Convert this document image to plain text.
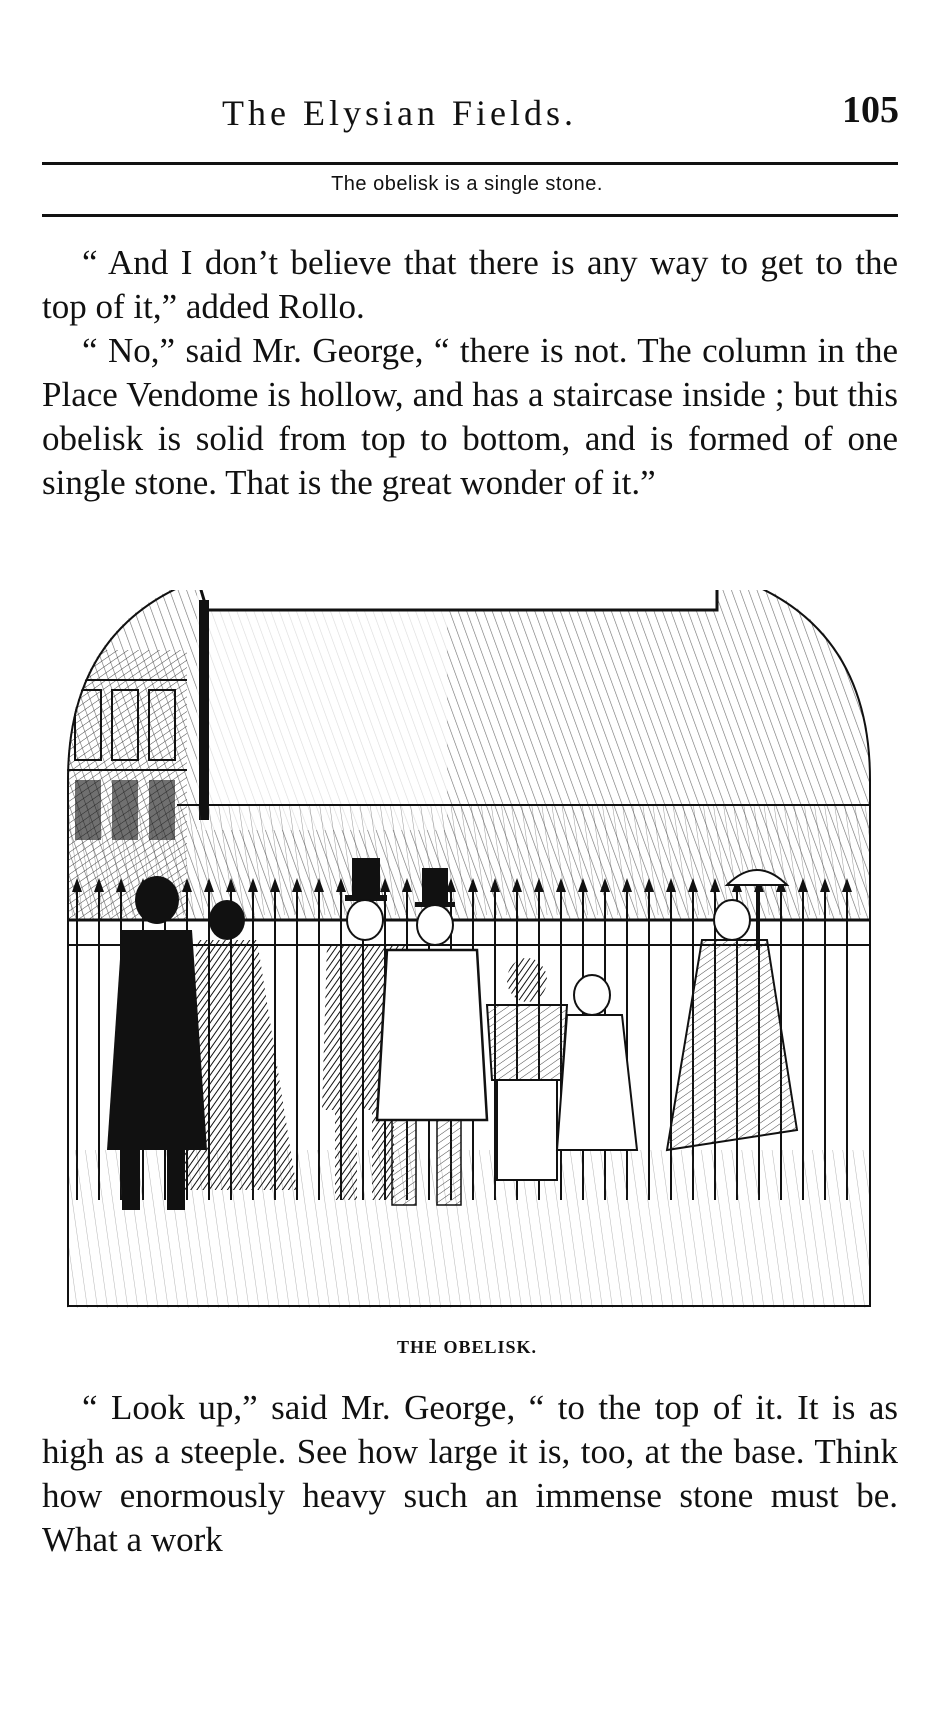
The Elysian Fields.	105
The obelisk is a single stone.

“ And I don’t believe that there is any way to get to the top of it,” added Rollo.

“ No,” said Mr. George, “ there is not. The column in the Place Vendome is hollow, and has a staircase inside ; but this obelisk is solid from top to bottom, and is formed of one single stone. That is the great wonder of it.”

THE OBELISK.

“ Look up,” said Mr. George, “ to the top of it. It is as high as a steeple. See how large it is, too, at the base. Think how enormously heavy such an immense stone must be. What a work
